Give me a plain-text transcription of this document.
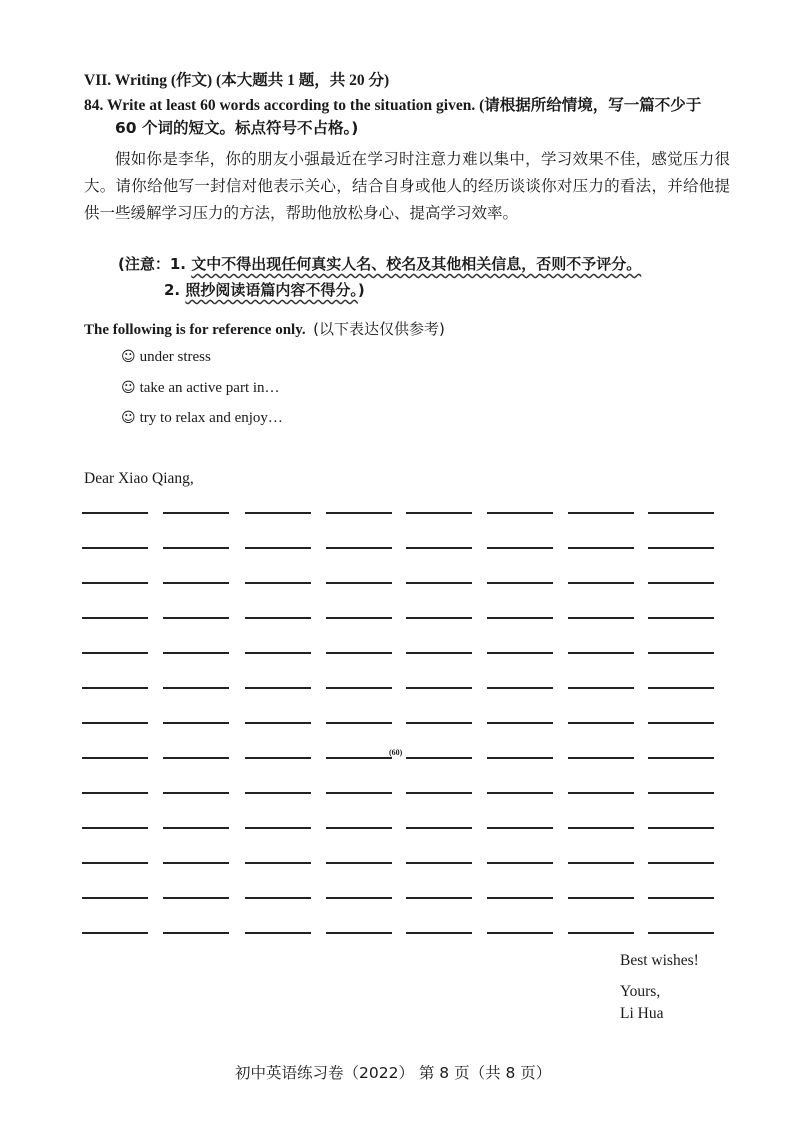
VII. Writing (作文) (本大题共 1 题，共 20 分)
84. Write at least 60 words according to the situation given. (请根据所给情境，写一篇不少于
60 个词的短文。标点符号不占格。)
假如你是李华，你的朋友小强最近在学习时注意力难以集中，学习效果不佳，感觉压力很大。请你给他写一封信对他表示关心，结合自身或他人的经历谈谈你对压力的看法，并给他提供一些缓解学习压力的方法，帮助他放松身心、提高学习效率。
(注意：1. 文中不得出现任何真实人名、校名及其他相关信息，否则不予评分。
2. 照抄阅读语篇内容不得分。)
The following is for reference only. (以下表达仅供参考)
☺ under stress
☺ take an active part in…
☺ try to relax and enjoy…
Dear Xiao Qiang,
(60)
Best wishes!
Yours,
Li Hua
初中英语练习卷（2022） 第 8 页（共 8 页）
